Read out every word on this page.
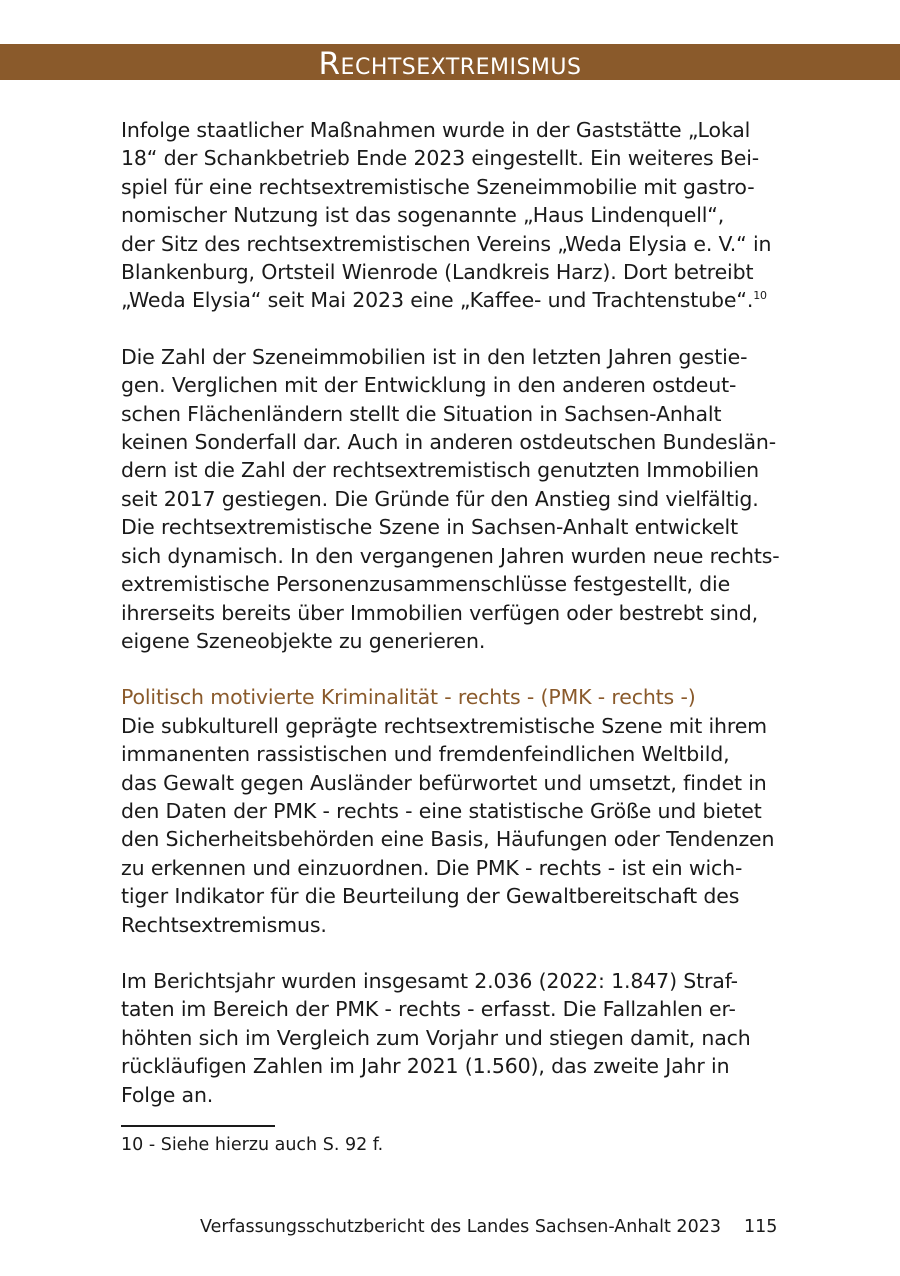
Rechtsextremismus
Infolge staatlicher Maßnahmen wurde in der Gaststätte „Lokal
18“ der Schankbetrieb Ende 2023 eingestellt. Ein weiteres Bei-
spiel für eine rechtsextremistische Szeneimmobilie mit gastro-
nomischer Nutzung ist das sogenannte „Haus Lindenquell“,
der Sitz des rechtsextremistischen Vereins „Weda Elysia e. V.“ in
Blankenburg, Ortsteil Wienrode (Landkreis Harz). Dort betreibt
„Weda Elysia“ seit Mai 2023 eine „Kaffee- und Trachtenstube“.$^{10}$
Die Zahl der Szeneimmobilien ist in den letzten Jahren gestie-
gen. Verglichen mit der Entwicklung in den anderen ostdeut-
schen Flächenländern stellt die Situation in Sachsen-Anhalt
keinen Sonderfall dar. Auch in anderen ostdeutschen Bundeslän-
dern ist die Zahl der rechtsextremistisch genutzten Immobilien
seit 2017 gestiegen. Die Gründe für den Anstieg sind vielfältig.
Die rechtsextremistische Szene in Sachsen-Anhalt entwickelt
sich dynamisch. In den vergangenen Jahren wurden neue rechts-
extremistische Personenzusammenschlüsse festgestellt, die
ihrerseits bereits über Immobilien verfügen oder bestrebt sind,
eigene Szeneobjekte zu generieren.
Politisch motivierte Kriminalität - rechts - (PMK - rechts -)
Die subkulturell geprägte rechtsextremistische Szene mit ihrem
immanenten rassistischen und fremdenfeindlichen Weltbild,
das Gewalt gegen Ausländer befürwortet und umsetzt, findet in
den Daten der PMK - rechts - eine statistische Größe und bietet
den Sicherheitsbehörden eine Basis, Häufungen oder Tendenzen
zu erkennen und einzuordnen. Die PMK - rechts - ist ein wich-
tiger Indikator für die Beurteilung der Gewaltbereitschaft des
Rechtsextremismus.
Im Berichtsjahr wurden insgesamt 2.036 (2022: 1.847) Straf-
taten im Bereich der PMK - rechts - erfasst. Die Fallzahlen er-
höhten sich im Vergleich zum Vorjahr und stiegen damit, nach
rückläufigen Zahlen im Jahr 2021 (1.560), das zweite Jahr in
Folge an.
10 - Siehe hierzu auch S. 92 f.
Verfassungsschutzbericht des Landes Sachsen-Anhalt 2023 115
